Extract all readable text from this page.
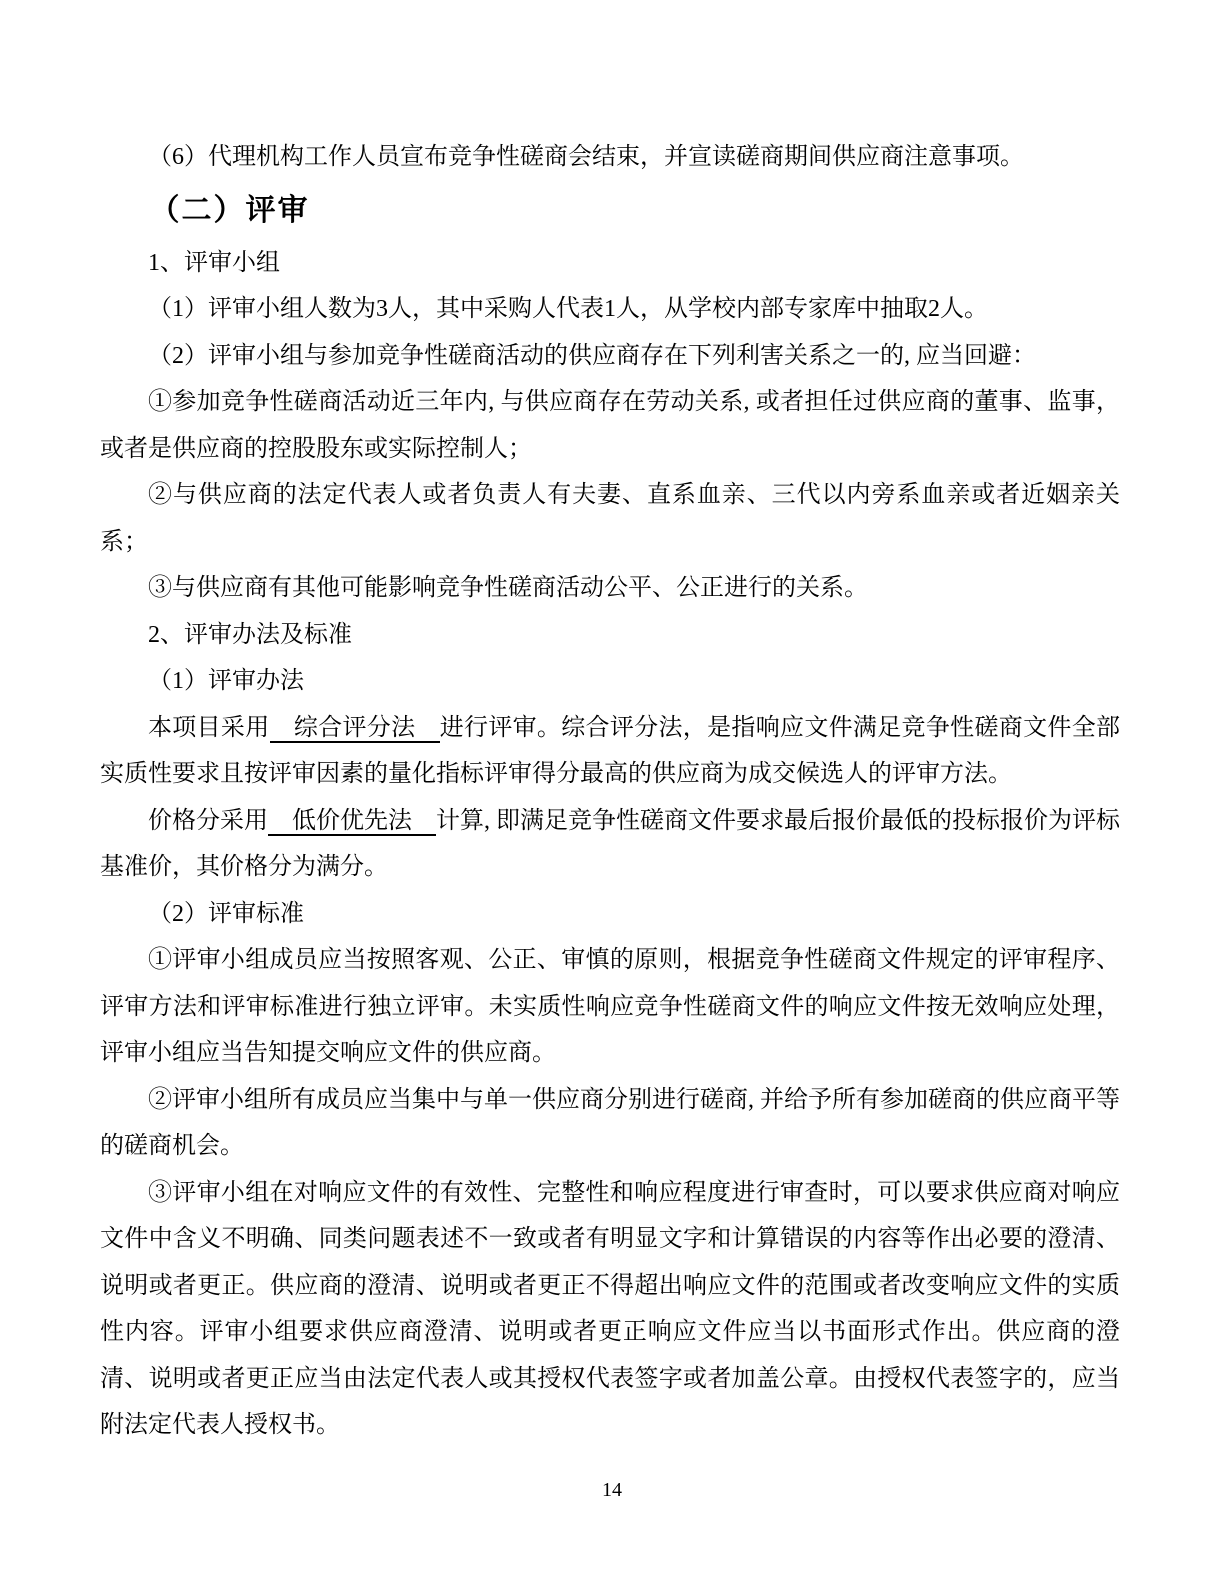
（6）代理机构工作人员宣布竞争性磋商会结束，并宣读磋商期间供应商注意事项。

（二）评审

1、评审小组

（1）评审小组人数为3人，其中采购人代表1人，从学校内部专家库中抽取2人。

（2）评审小组与参加竞争性磋商活动的供应商存在下列利害关系之一的, 应当回避：

①参加竞争性磋商活动近三年内, 与供应商存在劳动关系, 或者担任过供应商的董事、监事，或者是供应商的控股股东或实际控制人；

②与供应商的法定代表人或者负责人有夫妻、直系血亲、三代以内旁系血亲或者近姻亲关系；

③与供应商有其他可能影响竞争性磋商活动公平、公正进行的关系。

2、评审办法及标准

（1）评审办法

本项目采用　综合评分法　进行评审。综合评分法，是指响应文件满足竞争性磋商文件全部实质性要求且按评审因素的量化指标评审得分最高的供应商为成交候选人的评审方法。

价格分采用　低价优先法　计算, 即满足竞争性磋商文件要求最后报价最低的投标报价为评标基准价，其价格分为满分。

（2）评审标准

①评审小组成员应当按照客观、公正、审慎的原则，根据竞争性磋商文件规定的评审程序、评审方法和评审标准进行独立评审。未实质性响应竞争性磋商文件的响应文件按无效响应处理，评审小组应当告知提交响应文件的供应商。

②评审小组所有成员应当集中与单一供应商分别进行磋商, 并给予所有参加磋商的供应商平等的磋商机会。

③评审小组在对响应文件的有效性、完整性和响应程度进行审查时，可以要求供应商对响应文件中含义不明确、同类问题表述不一致或者有明显文字和计算错误的内容等作出必要的澄清、说明或者更正。供应商的澄清、说明或者更正不得超出响应文件的范围或者改变响应文件的实质性内容。评审小组要求供应商澄清、说明或者更正响应文件应当以书面形式作出。供应商的澄清、说明或者更正应当由法定代表人或其授权代表签字或者加盖公章。由授权代表签字的，应当附法定代表人授权书。

14
